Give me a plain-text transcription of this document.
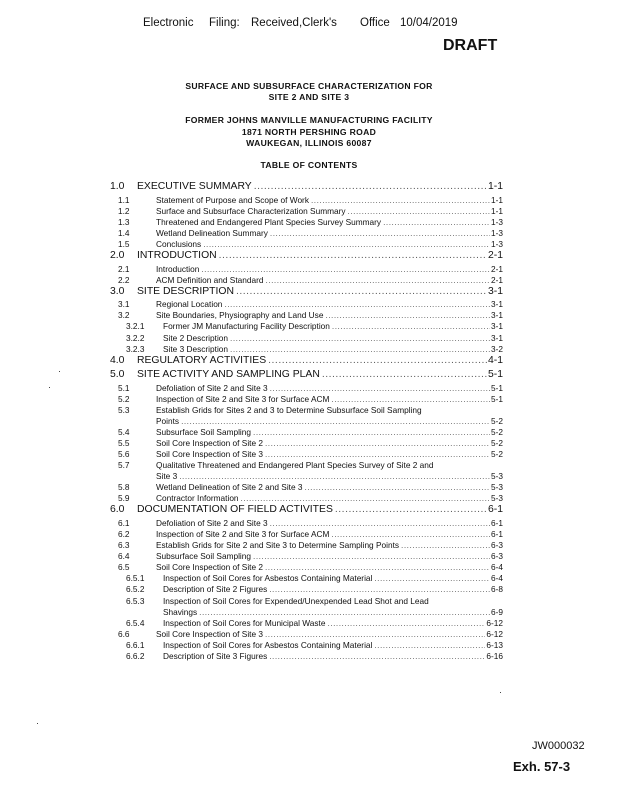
Electronic Filing: Received,Clerk's Office 10/04/2019
DRAFT
SURFACE AND SUBSURFACE CHARACTERIZATION FOR
SITE 2 AND SITE 3
FORMER JOHNS MANVILLE MANUFACTURING FACILITY
1871 NORTH PERSHING ROAD
WAUKEGAN, ILLINOIS 60087
TABLE OF CONTENTS
1.0	EXECUTIVE SUMMARY .....	1-1
1.1	Statement of Purpose and Scope of Work .....	1-1
1.2	Surface and Subsurface Characterization Summary .....	1-1
1.3	Threatened and Endangered Plant Species Survey Summary .....	1-3
1.4	Wetland Delineation Summary .....	1-3
1.5	Conclusions .....	1-3
2.0	INTRODUCTION .....	2-1
2.1	Introduction .....	2-1
2.2	ACM Definition and Standard .....	2-1
3.0	SITE DESCRIPTION .....	3-1
3.1	Regional Location .....	3-1
3.2	Site Boundaries, Physiography and Land Use .....	3-1
3.2.1	Former JM Manufacturing Facility Description .....	3-1
3.2.2	Site 2 Description .....	3-1
3.2.3	Site 3 Description .....	3-2
4.0	REGULATORY ACTIVITIES .....	4-1
5.0	SITE ACTIVITY AND SAMPLING PLAN .....	5-1
5.1	Defoliation of Site 2 and Site 3 .....	5-1
5.2	Inspection of Site 2 and Site 3 for Surface ACM .....	5-1
5.3	Establish Grids for Sites 2 and 3 to Determine Subsurface Soil Sampling
Points .....	5-2
5.4	Subsurface Soil Sampling .....	5-2
5.5	Soil Core Inspection of Site 2 .....	5-2
5.6	Soil Core Inspection of Site 3 .....	5-2
5.7	Qualitative Threatened and Endangered Plant Species Survey of Site 2 and
Site 3 .....	5-3
5.8	Wetland Delineation of Site 2 and Site 3 .....	5-3
5.9	Contractor Information .....	5-3
6.0	DOCUMENTATION OF FIELD ACTIVITES .....	6-1
6.1	Defoliation of Site 2 and Site 3 .....	6-1
6.2	Inspection of Site 2 and Site 3 for Surface ACM .....	6-1
6.3	Establish Grids for Site 2 and Site 3 to Determine Sampling Points .....	6-3
6.4	Subsurface Soil Sampling .....	6-3
6.5	Soil Core Inspection of Site 2 .....	6-4
6.5.1	Inspection of Soil Cores for Asbestos Containing Material .....	6-4
6.5.2	Description of Site 2 Figures .....	6-8
6.5.3 Inspection of Soil Cores for Expended/Unexpended Lead Shot and Lead
Shavings .....	6-9
6.5.4	Inspection of Soil Cores for Municipal Waste .....	6-12
6.6	Soil Core Inspection of Site 3 .....	6-12
6.6.1	Inspection of Soil Cores for Asbestos Containing Material .....	6-13
6.6.2	Description of Site 3 Figures .....	6-16
JW000032
Exh. 57-3
